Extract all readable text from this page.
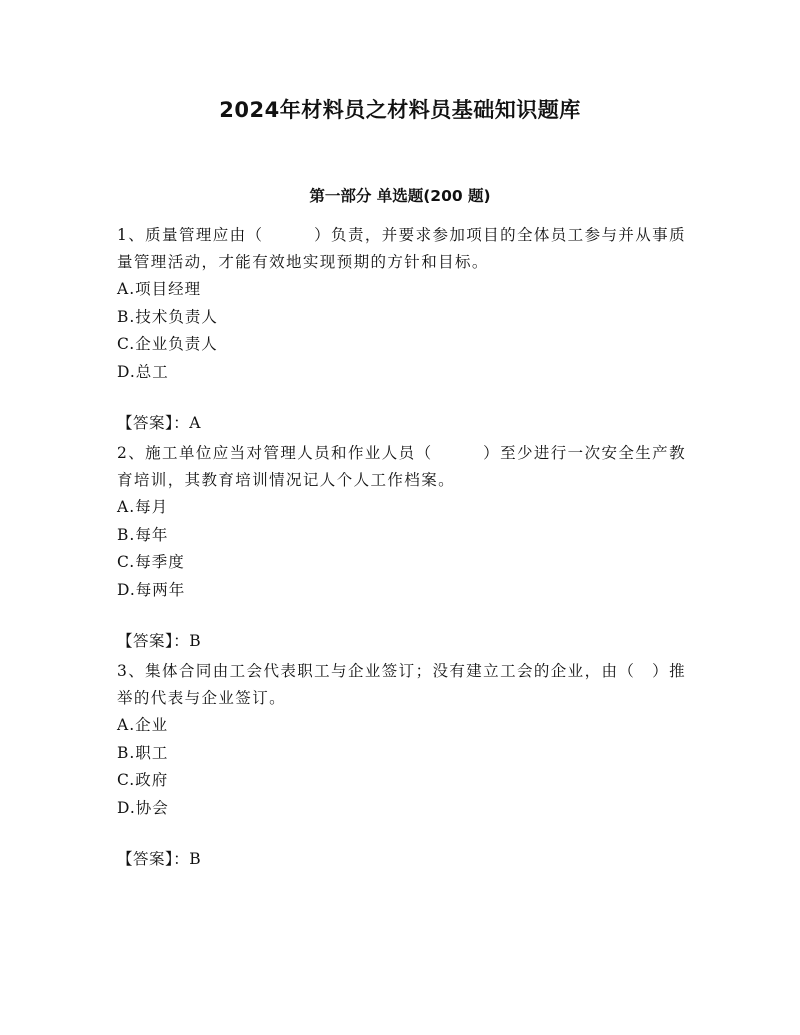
2024年材料员之材料员基础知识题库
第一部分 单选题(200 题)

1、质量管理应由（　　　）负责，并要求参加项目的全体员工参与并从事质量管理活动，才能有效地实现预期的方针和目标。

A.项目经理
B.技术负责人
C.企业负责人
D.总工
【答案】：A

2、施工单位应当对管理人员和作业人员（　　　）至少进行一次安全生产教育培训，其教育培训情况记人个人工作档案。

A.每月
B.每年
C.每季度
D.每两年
【答案】：B

3、集体合同由工会代表职工与企业签订；没有建立工会的企业，由（　）推举的代表与企业签订。

A.企业
B.职工
C.政府
D.协会
【答案】：B
